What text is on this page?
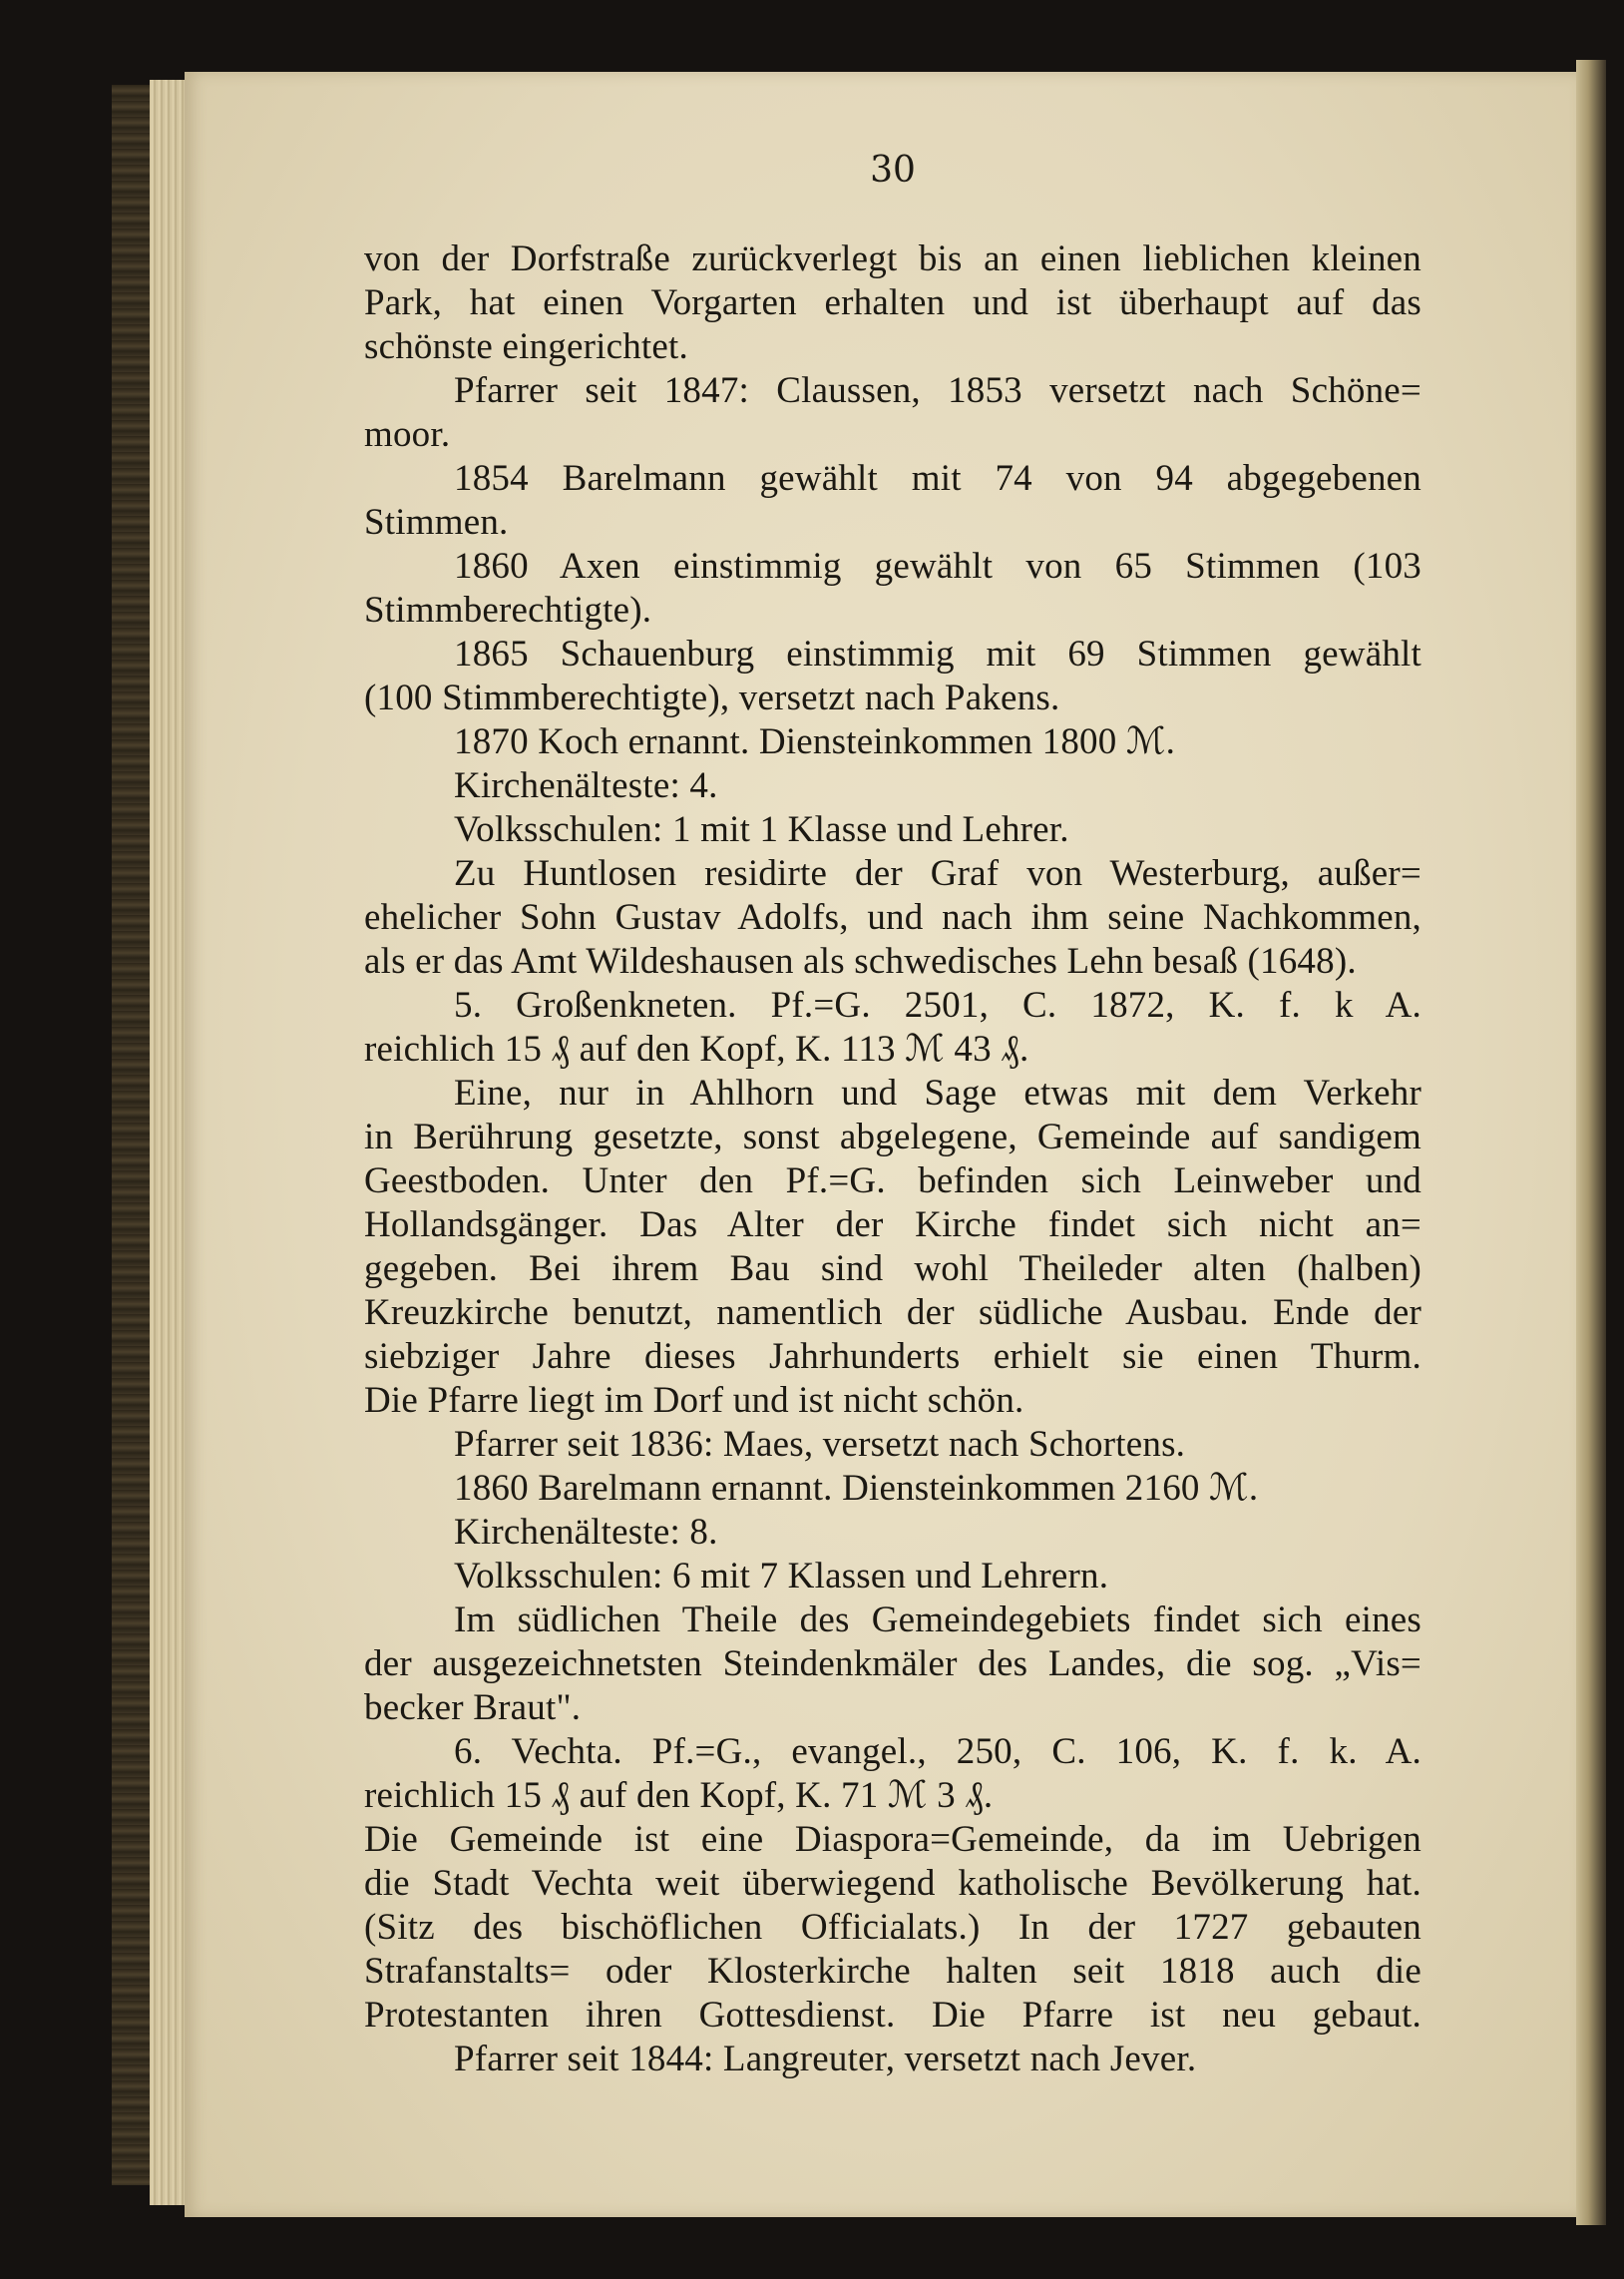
30
von der Dorfstraße zurückverlegt bis an einen lieblichen kleinen
Park, hat einen Vorgarten erhalten und ist überhaupt auf das
schönste eingerichtet.
Pfarrer seit 1847: Claussen, 1853 versetzt nach Schöne=
moor.
1854 Barelmann gewählt mit 74 von 94 abgegebenen
Stimmen.
1860 Axen einstimmig gewählt von 65 Stimmen (103
Stimmberechtigte).
1865 Schauenburg einstimmig mit 69 Stimmen gewählt
(100 Stimmberechtigte), versetzt nach Pakens.
1870 Koch ernannt. Diensteinkommen 1800 ℳ.
Kirchenälteste: 4.
Volksschulen: 1 mit 1 Klasse und Lehrer.
Zu Huntlosen residirte der Graf von Westerburg, außer=
ehelicher Sohn Gustav Adolfs, und nach ihm seine Nachkommen,
als er das Amt Wildeshausen als schwedisches Lehn besaß (1648).
5. Großenkneten. Pf.=G. 2501, C. 1872, K. f. k A.
reichlich 15 ₰ auf den Kopf, K. 113 ℳ 43 ₰.
Eine, nur in Ahlhorn und Sage etwas mit dem Verkehr
in Berührung gesetzte, sonst abgelegene, Gemeinde auf sandigem
Geestboden. Unter den Pf.=G. befinden sich Leinweber und
Hollandsgänger. Das Alter der Kirche findet sich nicht an=
gegeben. Bei ihrem Bau sind wohl Theileder alten (halben)
Kreuzkirche benutzt, namentlich der südliche Ausbau. Ende der
siebziger Jahre dieses Jahrhunderts erhielt sie einen Thurm.
Die Pfarre liegt im Dorf und ist nicht schön.
Pfarrer seit 1836: Maes, versetzt nach Schortens.
1860 Barelmann ernannt. Diensteinkommen 2160 ℳ.
Kirchenälteste: 8.
Volksschulen: 6 mit 7 Klassen und Lehrern.
Im südlichen Theile des Gemeindegebiets findet sich eines
der ausgezeichnetsten Steindenkmäler des Landes, die sog. „Vis=
becker Braut".
6. Vechta. Pf.=G., evangel., 250, C. 106, K. f. k. A.
reichlich 15 ₰ auf den Kopf, K. 71 ℳ 3 ₰.
Die Gemeinde ist eine Diaspora=Gemeinde, da im Uebrigen
die Stadt Vechta weit überwiegend katholische Bevölkerung hat.
(Sitz des bischöflichen Officialats.) In der 1727 gebauten
Strafanstalts= oder Klosterkirche halten seit 1818 auch die
Protestanten ihren Gottesdienst. Die Pfarre ist neu gebaut.
Pfarrer seit 1844: Langreuter, versetzt nach Jever.
